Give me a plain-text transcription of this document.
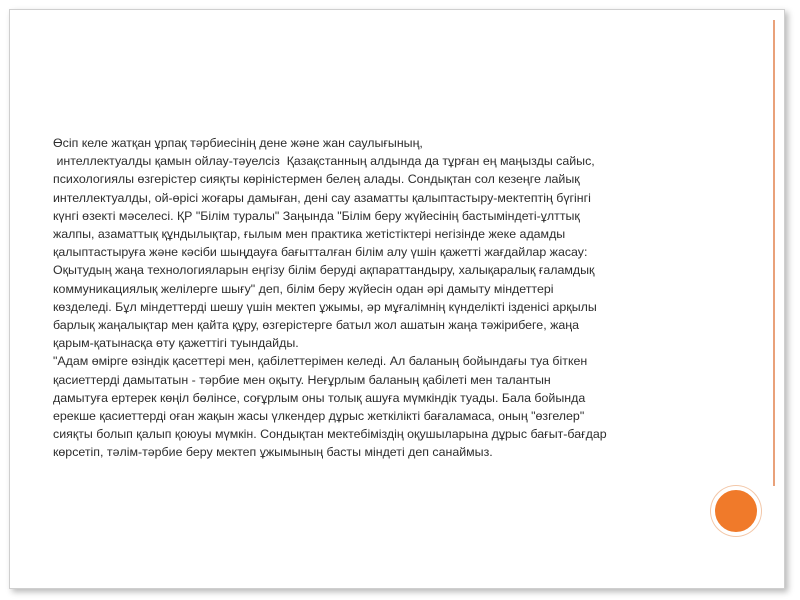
Өсіп келе жатқан ұрпақ тәрбиесінің дене және жан саулығының,
интеллектуалды қамын ойлау-тәуелсіз  Қазақстанның алдында да тұрған ең маңызды сайыс,
психологиялы өзгерістер сияқты көріністермен белең алады. Сондықтан сол кезеңге лайық
интеллектуалды, ой-өрісі жоғары дамыған, дені сау азаматты қалыптастыру-мектептің бүгінгі
күнгі өзекті мәселесі. ҚР "Білім туралы" Заңында "Білім беру жүйесінің бастыміндеті-ұлттық
жалпы, азаматтық құндылықтар, ғылым мен практика жетістіктері негізінде жеке адамды
қалыптастыруға және кәсіби шыңдауға бағытталған білім алу үшін қажетті жағдайлар жасау:
Оқытудың жаңа технологияларын еңгізу білім беруді ақпараттандыру, халықаралық ғаламдық
коммуникациялық желілерге шығу" деп, білім беру жүйесін одан әрі дамыту міндеттері
көзделеді. Бұл міндеттерді шешу үшін мектеп ұжымы, әр мұғалімнің күнделікті ізденісі арқылы
барлық жаңалықтар мен қайта құру, өзгерістерге батыл жол ашатын жаңа тәжірибеге, жаңа
қарым-қатынасқа өту қажеттігі туындайды.
"Адам өмірге өзіндік қасеттері мен, қабілеттерімен келеді. Ал баланың бойындағы туа біткен
қасиеттерді дамытатын - тәрбие мен оқыту. Неғұрлым баланың қабілеті мен талантын
дамытуға ертерек көңіл бөлінсе, соғұрлым оны толық ашуға мүмкіндік туады. Бала бойында
ерекше қасиеттерді оған жақын жасы үлкендер дұрыс жеткілікті бағаламаса, оның "өзгелер"
сияқты болып қалып қоюуы мүмкін. Сондықтан мектебіміздің оқушыларына дұрыс бағыт-бағдар
көрсетіп, тәлім-тәрбие беру мектеп ұжымының басты міндеті деп санаймыз.
